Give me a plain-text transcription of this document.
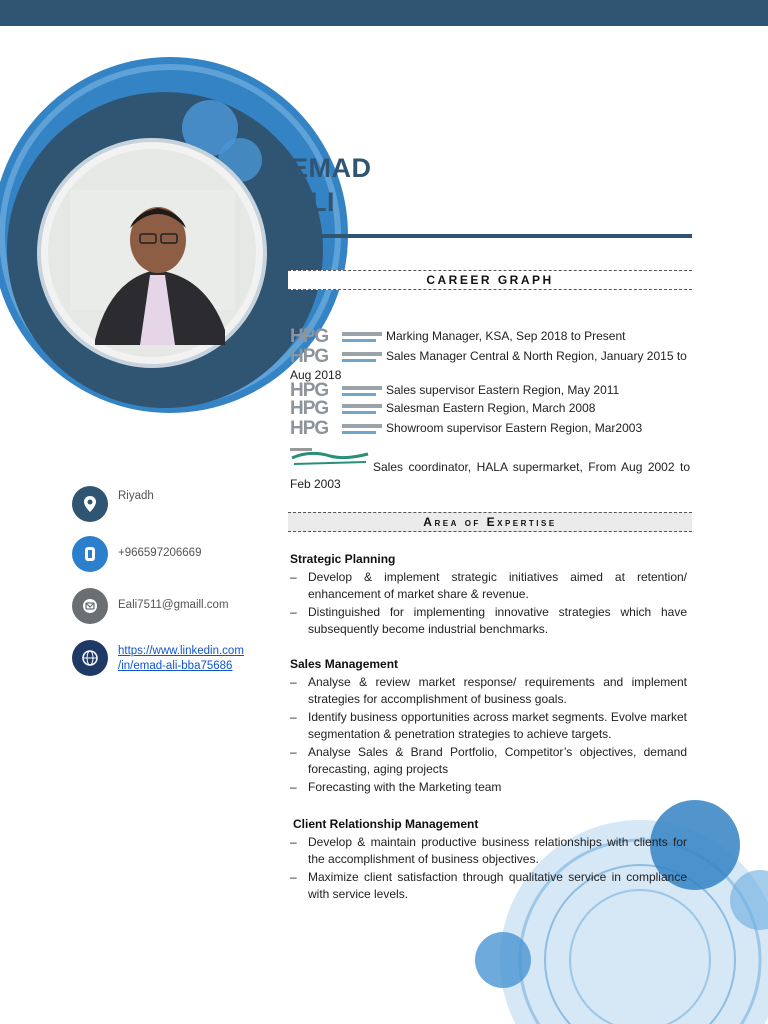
EMAD
ALI
Riyadh
+966597206669
Eali7511@gmaill.com
https://www.linkedin.com
/in/emad-ali-bba75686
CAREER GRAPH
HPG	Marking Manager, KSA, Sep 2018 to Present
HPG	Sales Manager Central & North Region, January 2015 to Aug 2018
HPG	Sales supervisor Eastern Region, May 2011
HPG	Salesman Eastern Region, March 2008
HPG	Showroom supervisor Eastern Region, Mar2003
Sales coordinator, HALA supermarket, From Aug 2002 to Feb 2003
Area of Expertise
Strategic Planning
– Develop & implement strategic initiatives aimed at retention/ enhancement of market share & revenue.
– Distinguished for implementing innovative strategies which have subsequently become industrial benchmarks.
Sales Management
– Analyse & review market response/ requirements and implement strategies for accomplishment of business goals.
– Identify business opportunities across market segments. Evolve market segmentation & penetration strategies to achieve targets.
– Analyse Sales & Brand Portfolio, Competitor’s objectives, demand forecasting, aging projects
– Forecasting with the Marketing team
Client Relationship Management
– Develop & maintain productive business relationships with clients for the accomplishment of business objectives.
– Maximize client satisfaction through qualitative service in compliance with service levels.
